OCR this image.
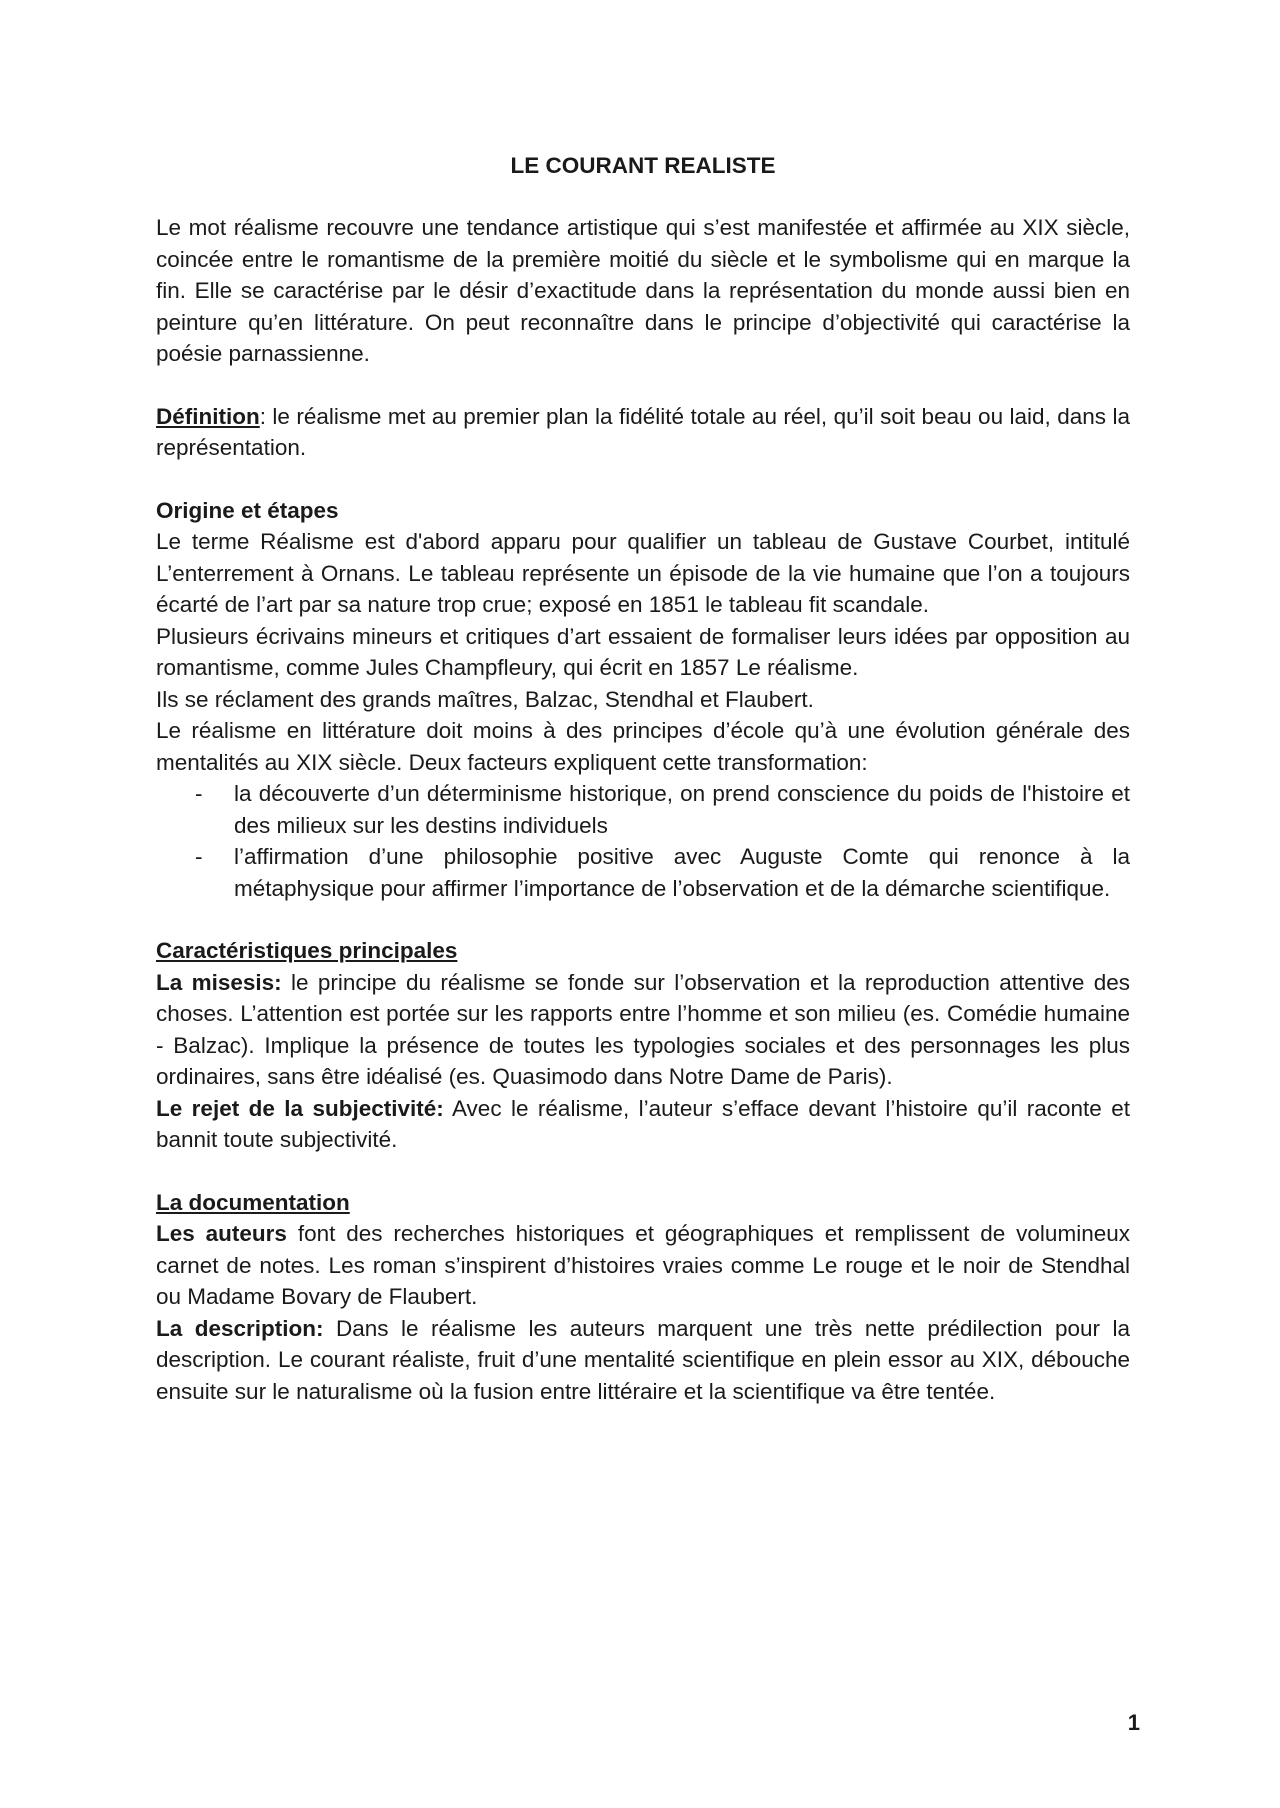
LE COURANT REALISTE

Le mot réalisme recouvre une tendance artistique qui s’est manifestée et affirmée au XIX siècle, coincée entre le romantisme de la première moitié du siècle et le symbolisme qui en marque la fin. Elle se caractérise par le désir d’exactitude dans la représentation du monde aussi bien en peinture qu’en littérature. On peut reconnaître dans le principe d’objectivité qui caractérise la poésie parnassienne.

Définition: le réalisme met au premier plan la fidélité totale au réel, qu’il soit beau ou laid, dans la représentation.

Origine et étapes

Le terme Réalisme est d'abord apparu pour qualifier un tableau de Gustave Courbet, intitulé L’enterrement à Ornans. Le tableau représente un épisode de la vie humaine que l’on a toujours écarté de l’art par sa nature trop crue; exposé en 1851 le tableau fit scandale.

Plusieurs écrivains mineurs et critiques d’art essaient de formaliser leurs idées par opposition au romantisme, comme Jules Champfleury, qui écrit en 1857 Le réalisme.

Ils se réclament des grands maîtres, Balzac, Stendhal et Flaubert.

Le réalisme en littérature doit moins à des principes d’école qu’à une évolution générale des mentalités au XIX siècle. Deux facteurs expliquent cette transformation:

- la découverte d’un déterminisme historique, on prend conscience du poids de l'histoire et des milieux sur les destins individuels
- l’affirmation d’une philosophie positive avec Auguste Comte qui renonce à la métaphysique pour affirmer l’importance de l’observation et de la démarche scientifique.

Caractéristiques principales

La misesis: le principe du réalisme se fonde sur l’observation et la reproduction attentive des choses. L’attention est portée sur les rapports entre l’homme et son milieu (es. Comédie humaine - Balzac). Implique la présence de toutes les typologies sociales et des personnages les plus ordinaires, sans être idéalisé (es. Quasimodo dans Notre Dame de Paris).

Le rejet de la subjectivité: Avec le réalisme, l’auteur s’efface devant l’histoire qu’il raconte et bannit toute subjectivité.

La documentation

Les auteurs font des recherches historiques et géographiques et remplissent de volumineux carnet de notes. Les roman s’inspirent d’histoires vraies comme Le rouge et le noir de Stendhal ou Madame Bovary de Flaubert.

La description: Dans le réalisme les auteurs marquent une très nette prédilection pour la description. Le courant réaliste, fruit d’une mentalité scientifique en plein essor au XIX, débouche ensuite sur le naturalisme où la fusion entre littéraire et la scientifique va être tentée.

1
